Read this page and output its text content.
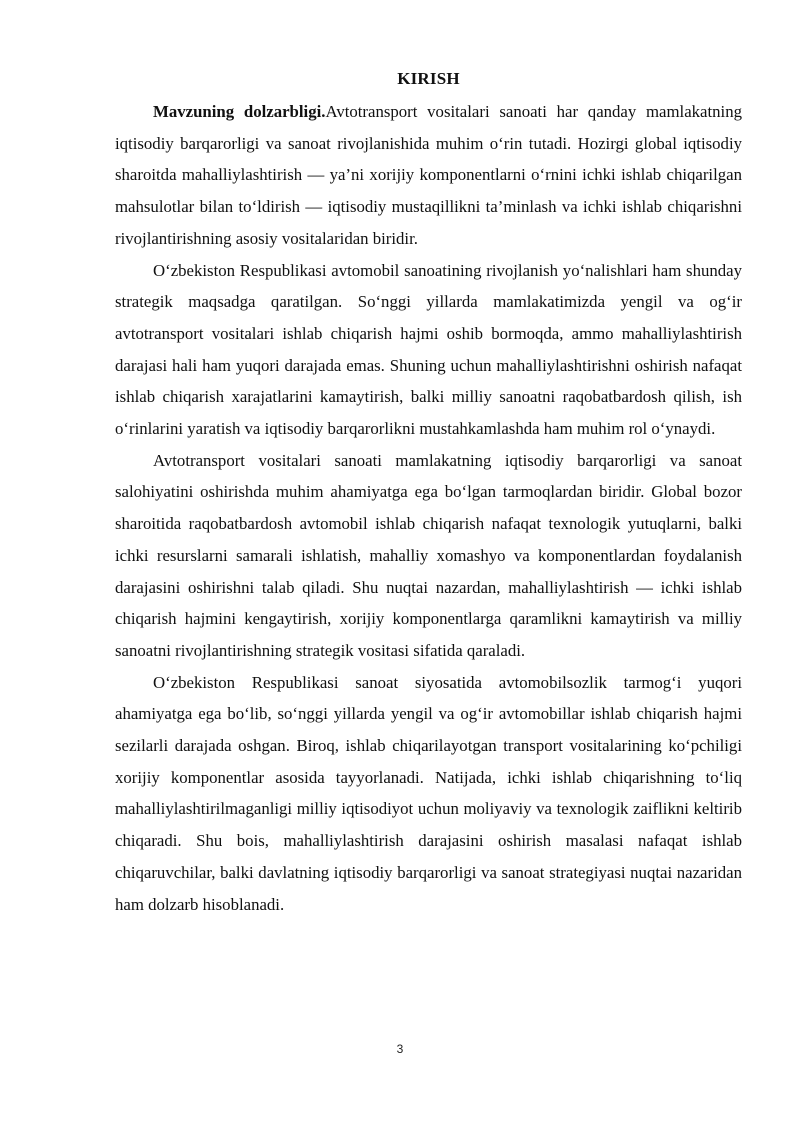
KIRISH

Mavzuning dolzarbligi.Avtotransport vositalari sanoati har qanday mamlakatning iqtisodiy barqarorligi va sanoat rivojlanishida muhim o‘rin tutadi. Hozirgi global iqtisodiy sharoitda mahalliylashtirish — ya’ni xorijiy komponentlarni o‘rnini ichki ishlab chiqarilgan mahsulotlar bilan to‘ldirish — iqtisodiy mustaqillikni ta’minlash va ichki ishlab chiqarishni rivojlantirishning asosiy vositalaridan biridir.

O‘zbekiston Respublikasi avtomobil sanoatining rivojlanish yo‘nalishlari ham shunday strategik maqsadga qaratilgan. So‘nggi yillarda mamlakatimizda yengil va og‘ir avtotransport vositalari ishlab chiqarish hajmi oshib bormoqda, ammo mahalliylashtirish darajasi hali ham yuqori darajada emas. Shuning uchun mahalliylashtirishni oshirish nafaqat ishlab chiqarish xarajatlarini kamaytirish, balki milliy sanoatni raqobatbardosh qilish, ish o‘rinlarini yaratish va iqtisodiy barqarorlikni mustahkamlashda ham muhim rol o‘ynaydi.

Avtotransport vositalari sanoati mamlakatning iqtisodiy barqarorligi va sanoat salohiyatini oshirishda muhim ahamiyatga ega bo‘lgan tarmoqlardan biridir. Global bozor sharoitida raqobatbardosh avtomobil ishlab chiqarish nafaqat texnologik yutuqlarni, balki ichki resurslarni samarali ishlatish, mahalliy xomashyo va komponentlardan foydalanish darajasini oshirishni talab qiladi. Shu nuqtai nazardan, mahalliylashtirish — ichki ishlab chiqarish hajmini kengaytirish, xorijiy komponentlarga qaramlikni kamaytirish va milliy sanoatni rivojlantirishning strategik vositasi sifatida qaraladi.

O‘zbekiston Respublikasi sanoat siyosatida avtomobilsozlik tarmog‘i yuqori ahamiyatga ega bo‘lib, so‘nggi yillarda yengil va og‘ir avtomobillar ishlab chiqarish hajmi sezilarli darajada oshgan. Biroq, ishlab chiqarilayotgan transport vositalarining ko‘pchiligi xorijiy komponentlar asosida tayyorlanadi. Natijada, ichki ishlab chiqarishning to‘liq mahalliylashtirilmaganligi milliy iqtisodiyot uchun moliyaviy va texnologik zaiflikni keltirib chiqaradi. Shu bois, mahalliylashtirish darajasini oshirish masalasi nafaqat ishlab chiqaruvchilar, balki davlatning iqtisodiy barqarorligi va sanoat strategiyasi nuqtai nazaridan ham dolzarb hisoblanadi.

3
